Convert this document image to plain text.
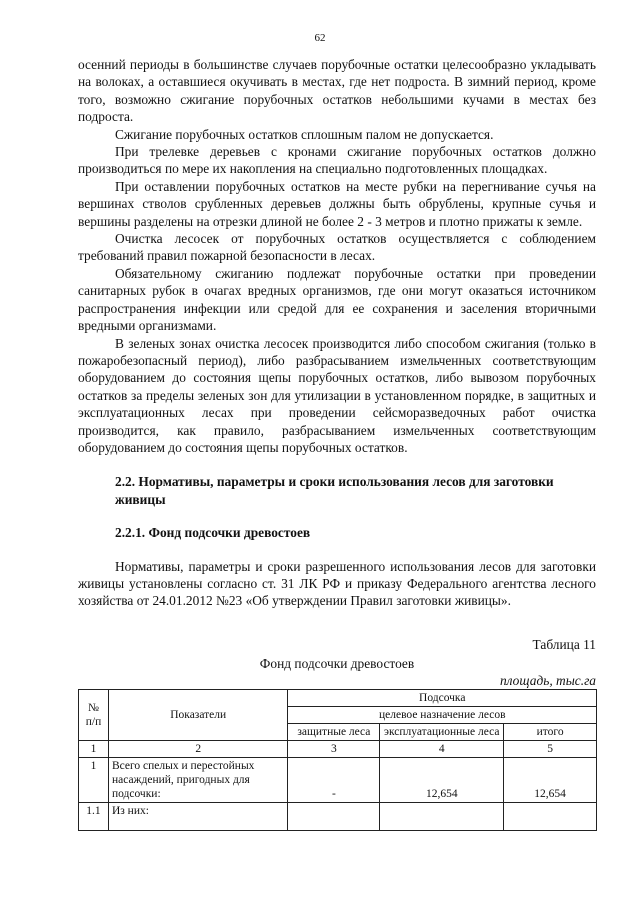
62

осенний периоды в большинстве случаев порубочные остатки целесообразно укладывать на волоках, а оставшиеся окучивать в местах, где нет подроста. В зимний период, кроме того, возможно сжигание порубочных остатков небольшими кучами в местах без подроста.

Сжигание порубочных остатков сплошным палом не допускается.

При трелевке деревьев с кронами сжигание порубочных остатков должно производиться по мере их накопления на специально подготовленных площадках.

При оставлении порубочных остатков на месте рубки на перегнивание сучья на вершинах стволов срубленных деревьев должны быть обрублены, крупные сучья и вершины разделены на отрезки длиной не более 2 - 3 метров и плотно прижаты к земле.

Очистка лесосек от порубочных остатков осуществляется с соблюдением требований правил пожарной безопасности в лесах.

Обязательному сжиганию подлежат порубочные остатки при проведении санитарных рубок в очагах вредных организмов, где они могут оказаться источником распространения инфекции или средой для ее сохранения и заселения вторичными вредными организмами.

В зеленых зонах очистка лесосек производится либо способом сжигания (только в пожаробезопасный период), либо разбрасыванием измельченных соответствующим оборудованием до состояния щепы порубочных остатков, либо вывозом порубочных остатков за пределы зеленых зон для утилизации в установленном порядке, в защитных и эксплуатационных лесах при проведении сейсморазведочных работ очистка производится, как правило, разбрасыванием измельченных соответствующим оборудованием до состояния щепы порубочных остатков.

2.2. Нормативы, параметры и сроки использования лесов для заготовки живицы

2.2.1. Фонд подсочки древостоев

Нормативы, параметры и сроки разрешенного использования лесов для заготовки живицы установлены согласно ст. 31 ЛК РФ и приказу Федерального агентства лесного хозяйства от 24.01.2012 №23 «Об утверждении Правил заготовки живицы».

Таблица 11
Фонд подсочки древостоев
площадь, тыс.га
№ п/п	Показатели	Подсочка		
		целевое назначение лесов		
		защитные леса	эксплуатационные леса	итого
1	2	3	4	5
1	Всего спелых и перестойных насаждений, пригодных для подсочки:	-	12,654	12,654
1.1	Из них:			
